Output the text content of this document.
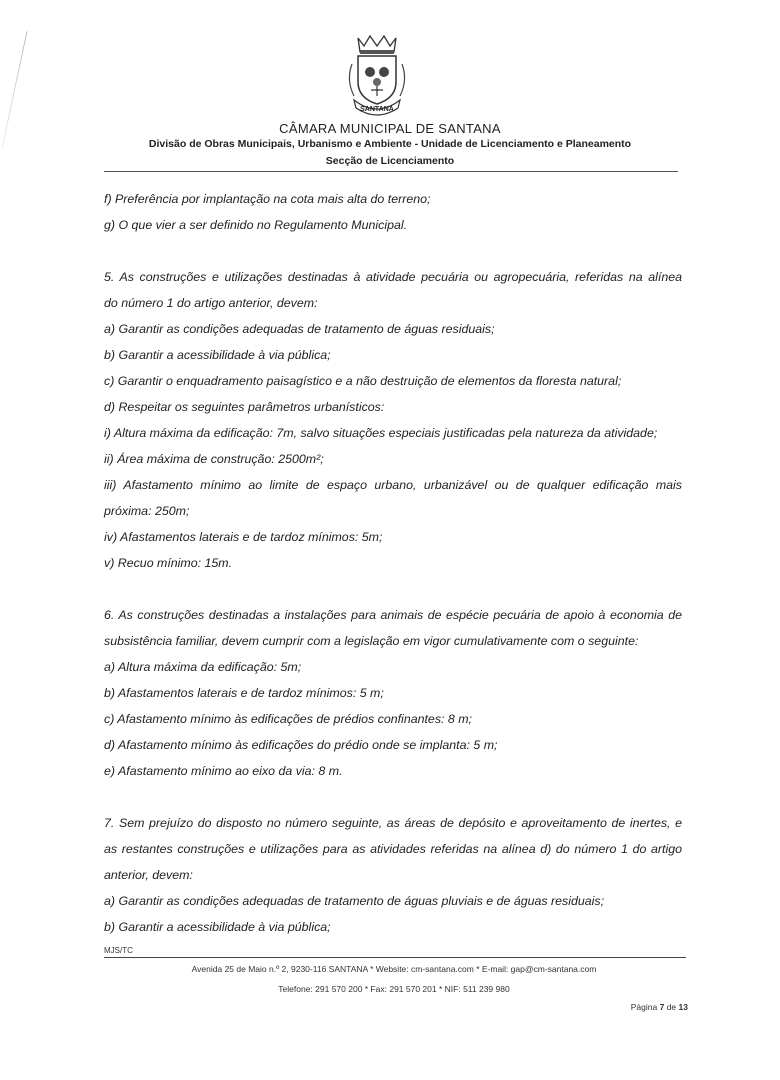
SANTANA
CÂMARA MUNICIPAL DE SANTANA
Divisão de Obras Municipais, Urbanismo e Ambiente - Unidade de Licenciamento e Planeamento
Secção de Licenciamento
f) Preferência por implantação na cota mais alta do terreno;
g) O que vier a ser definido no Regulamento Municipal.
5. As construções e utilizações destinadas à atividade pecuária ou agropecuária, referidas na alínea
do número 1 do artigo anterior, devem:
a) Garantir as condições adequadas de tratamento de águas residuais;
b) Garantir a acessibilidade à via pública;
c) Garantir o enquadramento paisagístico e a não destruição de elementos da floresta natural;
d) Respeitar os seguintes parâmetros urbanísticos:
i) Altura máxima da edificação: 7m, salvo situações especiais justificadas pela natureza da atividade;
ii) Área máxima de construção: 2500m²;
iii) Afastamento mínimo ao limite de espaço urbano, urbanizável ou de qualquer edificação mais
próxima: 250m;
iv) Afastamentos laterais e de tardoz mínimos: 5m;
v) Recuo mínimo: 15m.
6. As construções destinadas a instalações para animais de espécie pecuária de apoio à economia de
subsistência familiar, devem cumprir com a legislação em vigor cumulativamente com o seguinte:
a) Altura máxima da edificação: 5m;
b) Afastamentos laterais e de tardoz mínimos: 5 m;
c) Afastamento mínimo às edificações de prédios confinantes: 8 m;
d) Afastamento mínimo às edificações do prédio onde se implanta: 5 m;
e) Afastamento mínimo ao eixo da via: 8 m.
7. Sem prejuízo do disposto no número seguinte, as áreas de depósito e aproveitamento de inertes, e
as restantes construções e utilizações para as atividades referidas na alínea d) do número 1 do artigo
anterior, devem:
a) Garantir as condições adequadas de tratamento de águas pluviais e de águas residuais;
b) Garantir a acessibilidade à via pública;
MJS/TC
Avenida 25 de Maio n.º 2, 9230-116 SANTANA * Website: cm-santana.com * E-mail: gap@cm-santana.com
Telefone: 291 570 200 * Fax: 291 570 201 * NIF: 511 239 980
Página 7 de 13
